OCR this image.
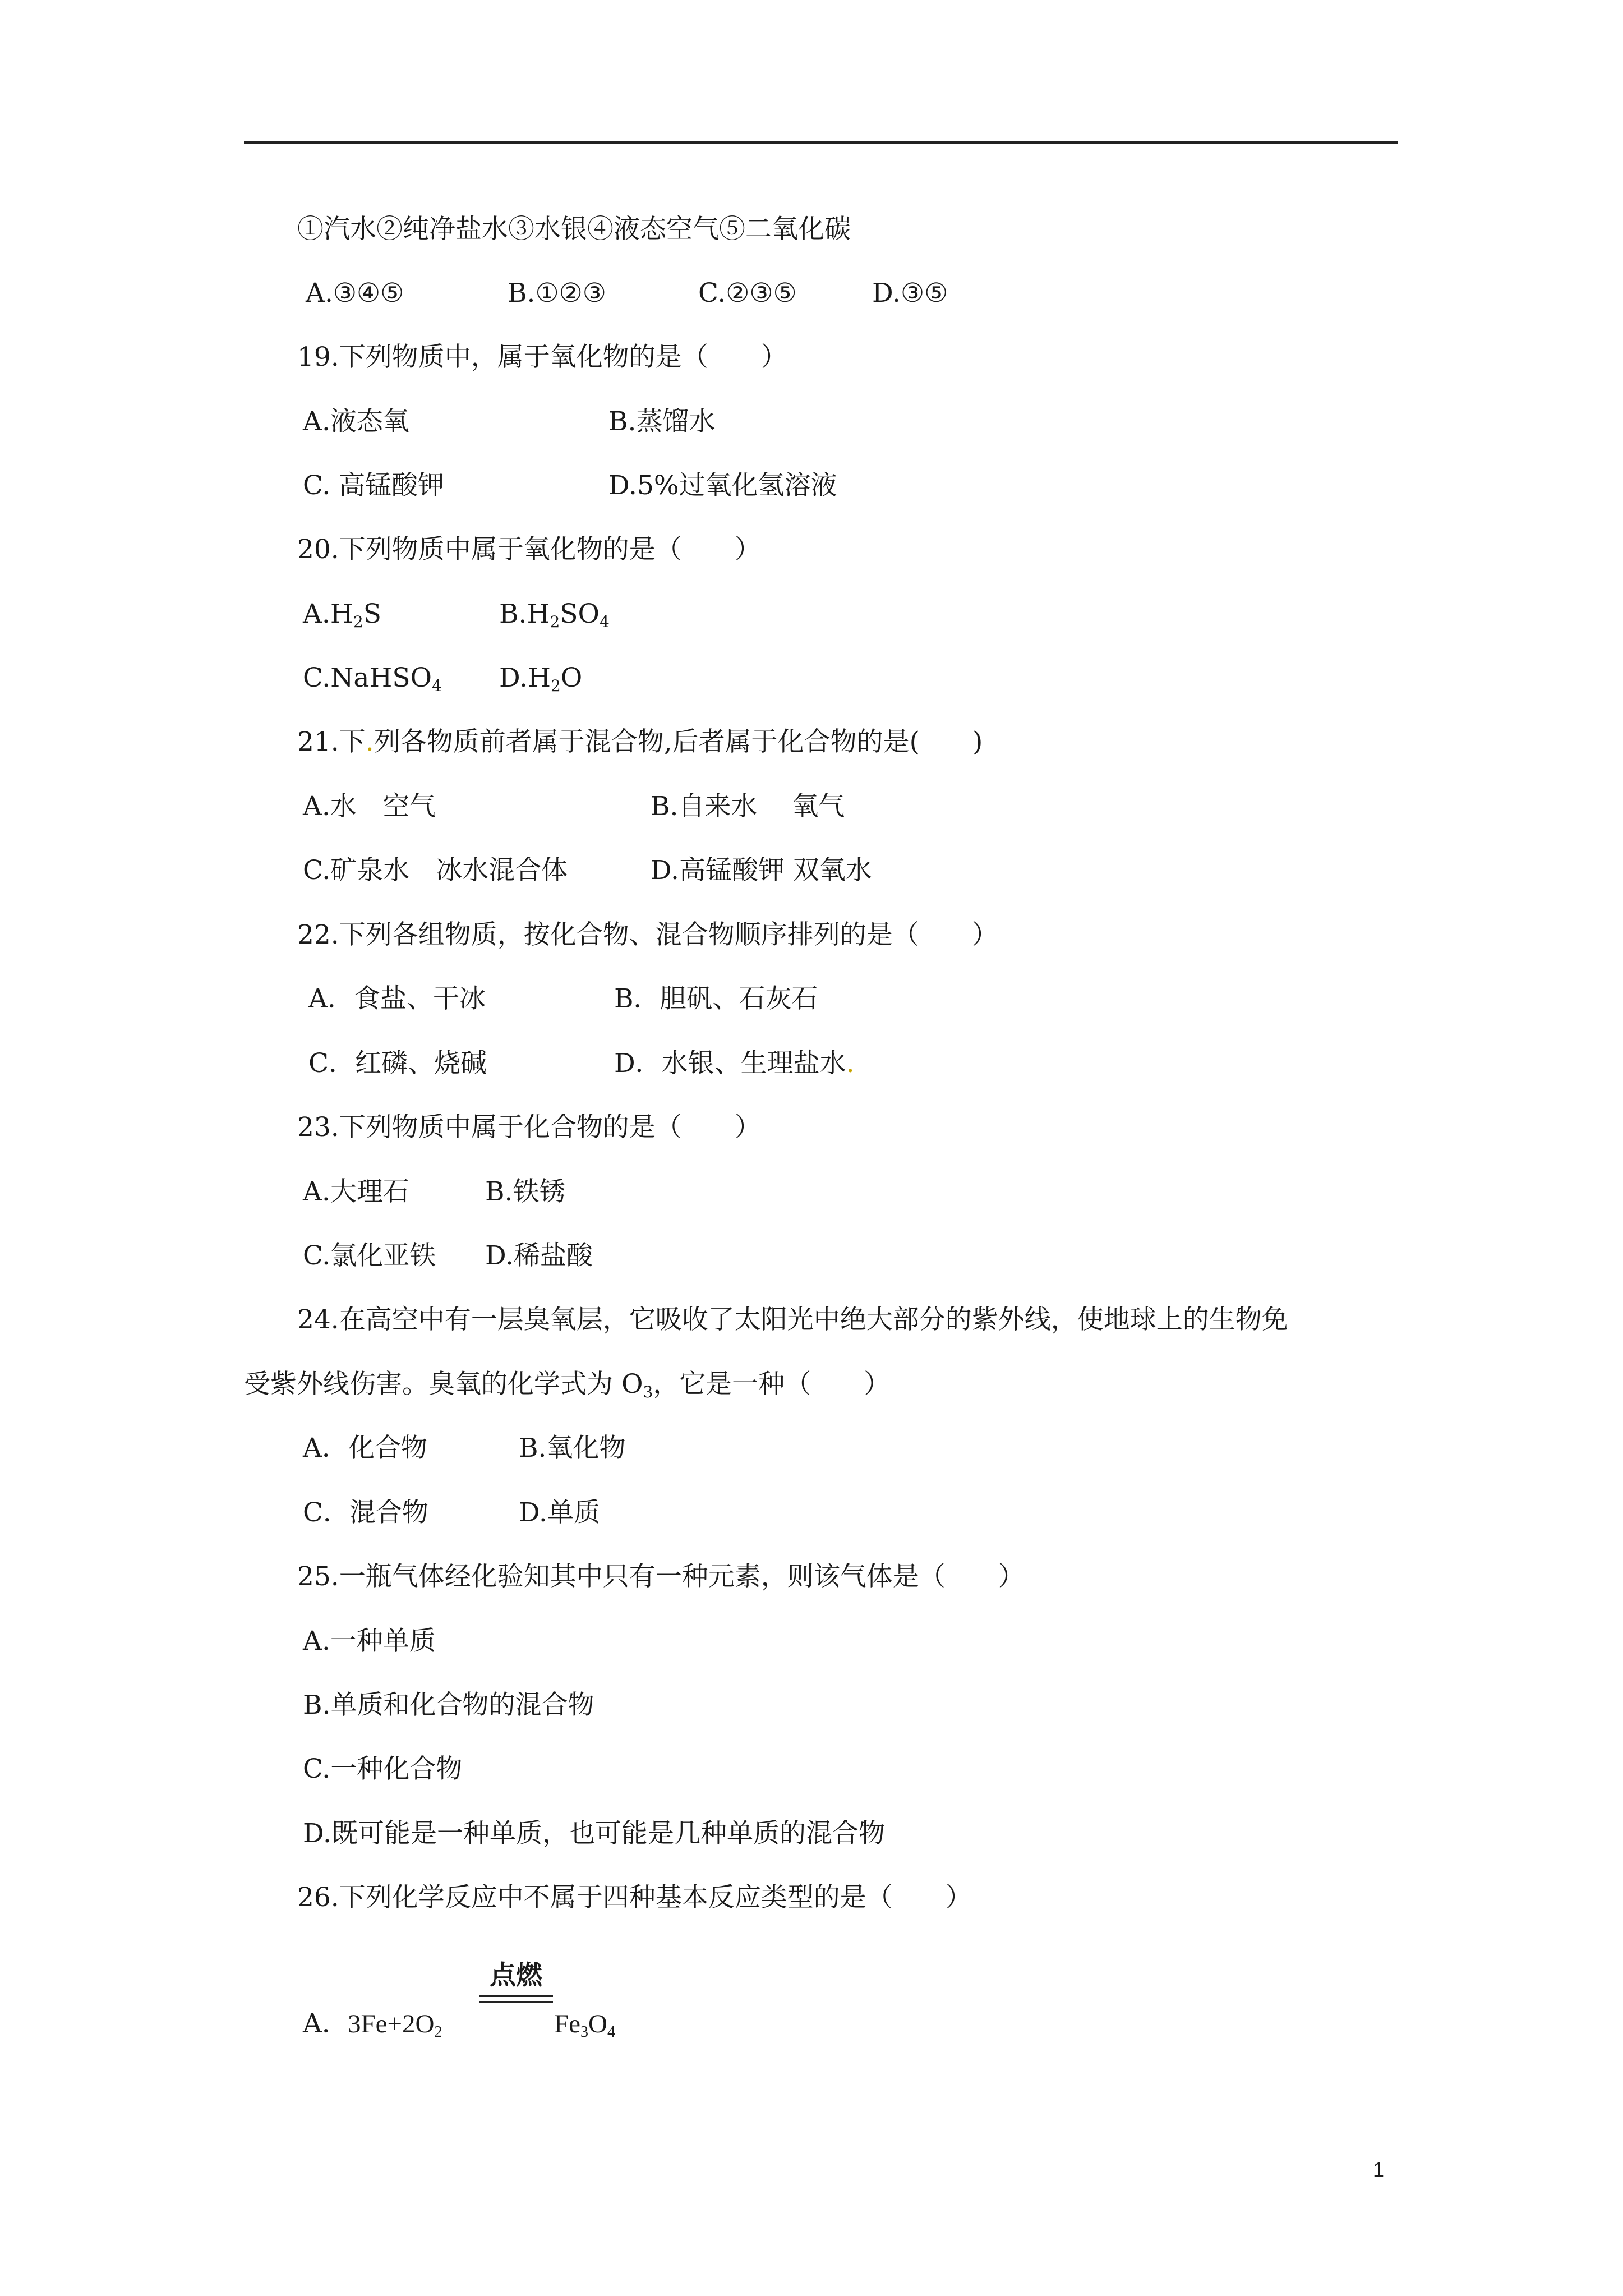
①汽水②纯净盐水③水银④液态空气⑤二氧化碳
A.③④⑤	B.①②③	C.②③⑤	D.③⑤
19.下列物质中，属于氧化物的是（　　）
A.液态氧	B.蒸馏水
C. 高锰酸钾	D.5%过氧化氢溶液
20.下列物质中属于氧化物的是（　　）
$A.H_2S$	$B.H_2SO_4$
C.NaHSO$_4$ $D.H_2O$
21.下.列各物质前者属于混合物,后者属于化合物的是(　　)
A.水　空气	B.自来水　 氧气
C.矿泉水　冰水混合体	D.高锰酸钾 双氧水
22.下列各组物质，按化合物、混合物顺序排列的是（　　）
A．食盐、干冰	B．胆矾、石灰石
C．红磷、烧碱	D．水银、生理盐水.
23.下列物质中属于化合物的是（　　）
A.大理石	B.铁锈
C.氯化亚铁 D.稀盐酸
24.在高空中有一层臭氧层，它吸收了太阳光中绝大部分的紫外线，使地球上的生物免
受紫外线伤害。臭氧的化学式为 $O_3$，它是一种（　　）
A．化合物	B.氧化物
C．混合物	D.单质
25.一瓶气体经化验知其中只有一种元素，则该气体是（　　）
A.一种单质
B.单质和化合物的混合物
C.一种化合物
D.既可能是一种单质，也可能是几种单质的混合物
26.下列化学反应中不属于四种基本反应类型的是（　　）
点燃
A． $3Fe+2O_2$	$Fe_3O_4$
1
